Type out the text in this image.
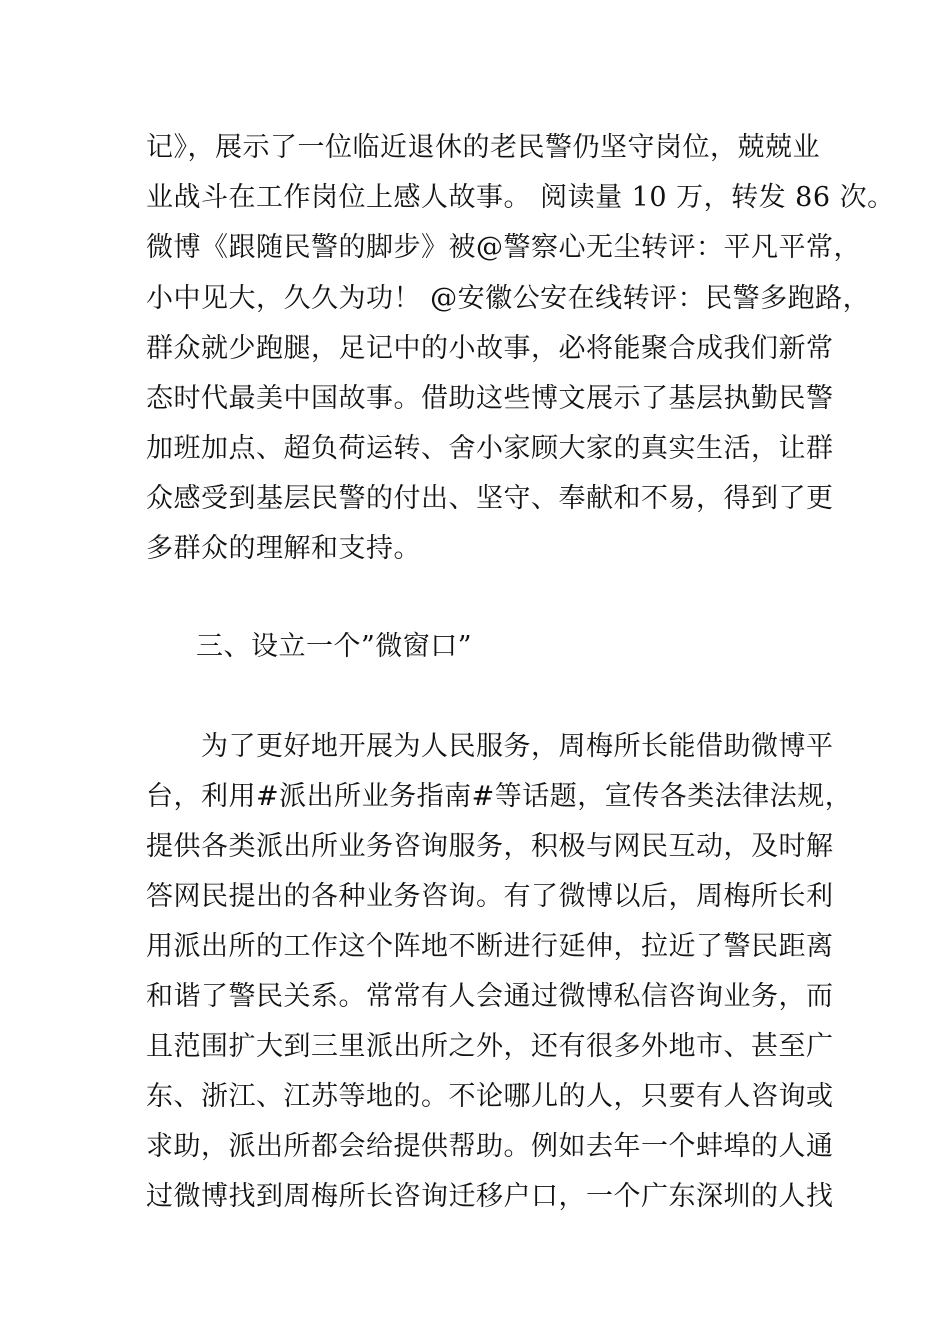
记》，展示了一位临近退休的老民警仍坚守岗位，兢兢业
业战斗在工作岗位上感人故事。 阅读量 10 万，转发 86 次。
微博《跟随民警的脚步》被@警察心无尘转评：平凡平常，
小中见大，久久为功！ @安徽公安在线转评：民警多跑路，
群众就少跑腿，足记中的小故事，必将能聚合成我们新常
态时代最美中国故事。借助这些博文展示了基层执勤民警
加班加点、超负荷运转、舍小家顾大家的真实生活，让群
众感受到基层民警的付出、坚守、奉献和不易，得到了更
多群众的理解和支持。
三、设立一个”微窗口”
　　为了更好地开展为人民服务，周梅所长能借助微博平
台，利用#派出所业务指南#等话题，宣传各类法律法规，
提供各类派出所业务咨询服务，积极与网民互动，及时解
答网民提出的各种业务咨询。有了微博以后，周梅所长利
用派出所的工作这个阵地不断进行延伸，拉近了警民距离
和谐了警民关系。常常有人会通过微博私信咨询业务，而
且范围扩大到三里派出所之外，还有很多外地市、甚至广
东、浙江、江苏等地的。不论哪儿的人，只要有人咨询或
求助，派出所都会给提供帮助。例如去年一个蚌埠的人通
过微博找到周梅所长咨询迁移户口，一个广东深圳的人找
